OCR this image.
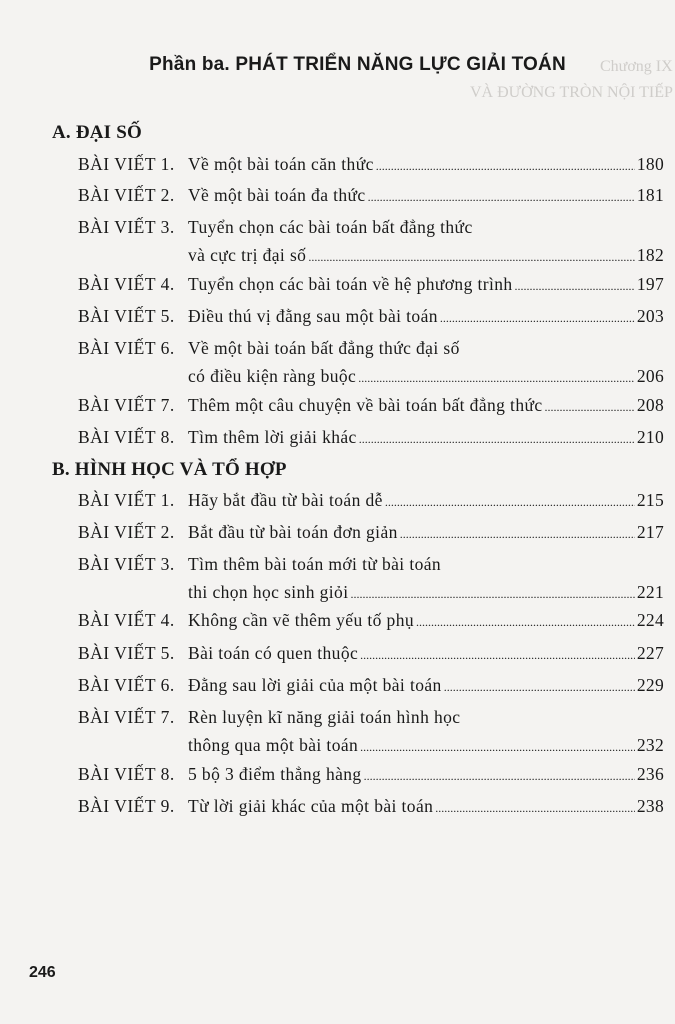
Chương IX
VÀ ĐƯỜNG TRÒN NỘI TIẾP
Phần ba. PHÁT TRIỂN NĂNG LỰC GIẢI TOÁN
A. ĐẠI SỐ
BÀI VIẾT 1. Về một bài toán căn thức . . .	180
BÀI VIẾT 2. Về một bài toán đa thức . . .	181
BÀI VIẾT 3. Tuyển chọn các bài toán bất đẳng thức
và cực trị đại số . . .	182
BÀI VIẾT 4. Tuyển chọn các bài toán về hệ phương trình . . .	197
BÀI VIẾT 5. Điều thú vị đằng sau một bài toán . . .	203
BÀI VIẾT 6. Về một bài toán bất đẳng thức đại số
có điều kiện ràng buộc . . .	206
BÀI VIẾT 7. Thêm một câu chuyện về bài toán bất đẳng thức . . .	208
BÀI VIẾT 8. Tìm thêm lời giải khác . . .	210
B. HÌNH HỌC VÀ TỔ HỢP
BÀI VIẾT 1. Hãy bắt đầu từ bài toán dễ . . .	215
BÀI VIẾT 2. Bắt đầu từ bài toán đơn giản . . .	217
BÀI VIẾT 3. Tìm thêm bài toán mới từ bài toán
thi chọn học sinh giỏi . . .	221
BÀI VIẾT 4. Không cần vẽ thêm yếu tố phụ . . .	224
BÀI VIẾT 5. Bài toán có quen thuộc . . .	227
BÀI VIẾT 6. Đằng sau lời giải của một bài toán . . .	229
BÀI VIẾT 7. Rèn luyện kĩ năng giải toán hình học
thông qua một bài toán . . .	232
BÀI VIẾT 8. 5 bộ 3 điểm thẳng hàng . . .	236
BÀI VIẾT 9. Từ lời giải khác của một bài toán . . .	238
246
